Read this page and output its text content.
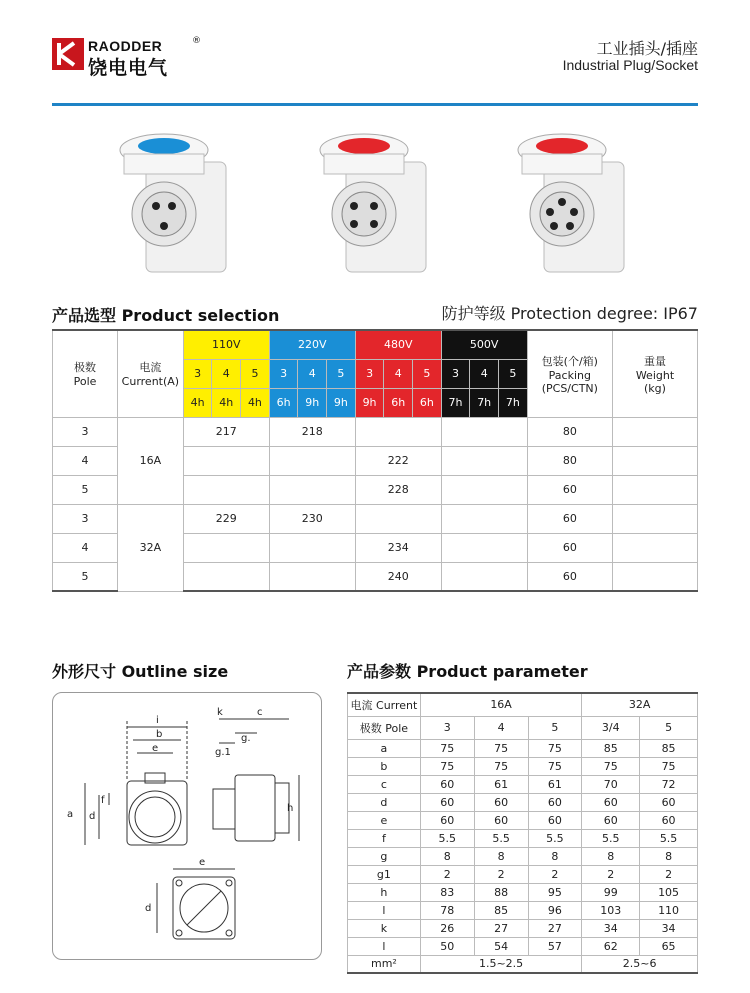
RAODDER	®
饶电电气
工业插头/插座
Industrial Plug/Socket
产品选型 Product selection	防护等级 Protection degree: IP67
极数
Pole	电流
Current(A)	110V			220V			480V			500V			包装(个/箱)
Packing
(PCS/CTN)	重量
Weight
(kg)
		3	4	5	3	4	5	3	4	5	3	4	5		
		4h	4h	4h	6h	9h	9h	9h	6h	6h	7h	7h	7h		
3	16A	217			218									80	
4								222						80	
5								228						60	
3	32A	229			230									60	
4								234						60	
5								240						60	
外形尺寸 Outline size
i
b
e
a d
f
k	c
g.1
g.
h
e
d
产品参数 Product parameter
电流 Current	16A			32A	
极数 Pole	3	4	5	3/4	5
a	75	75	75	85	85
b	75	75	75	75	75
c	60	61	61	70	72
d	60	60	60	60	60
e	60	60	60	60	60
f	5.5	5.5	5.5	5.5	5.5
g	8	8	8	8	8
g1	2	2	2	2	2
h	83	88	95	99	105
l	78	85	96	103	110
k	26	27	27	34	34
l	50	54	57	62	65
mm²	1.5~2.5			2.5~6	
